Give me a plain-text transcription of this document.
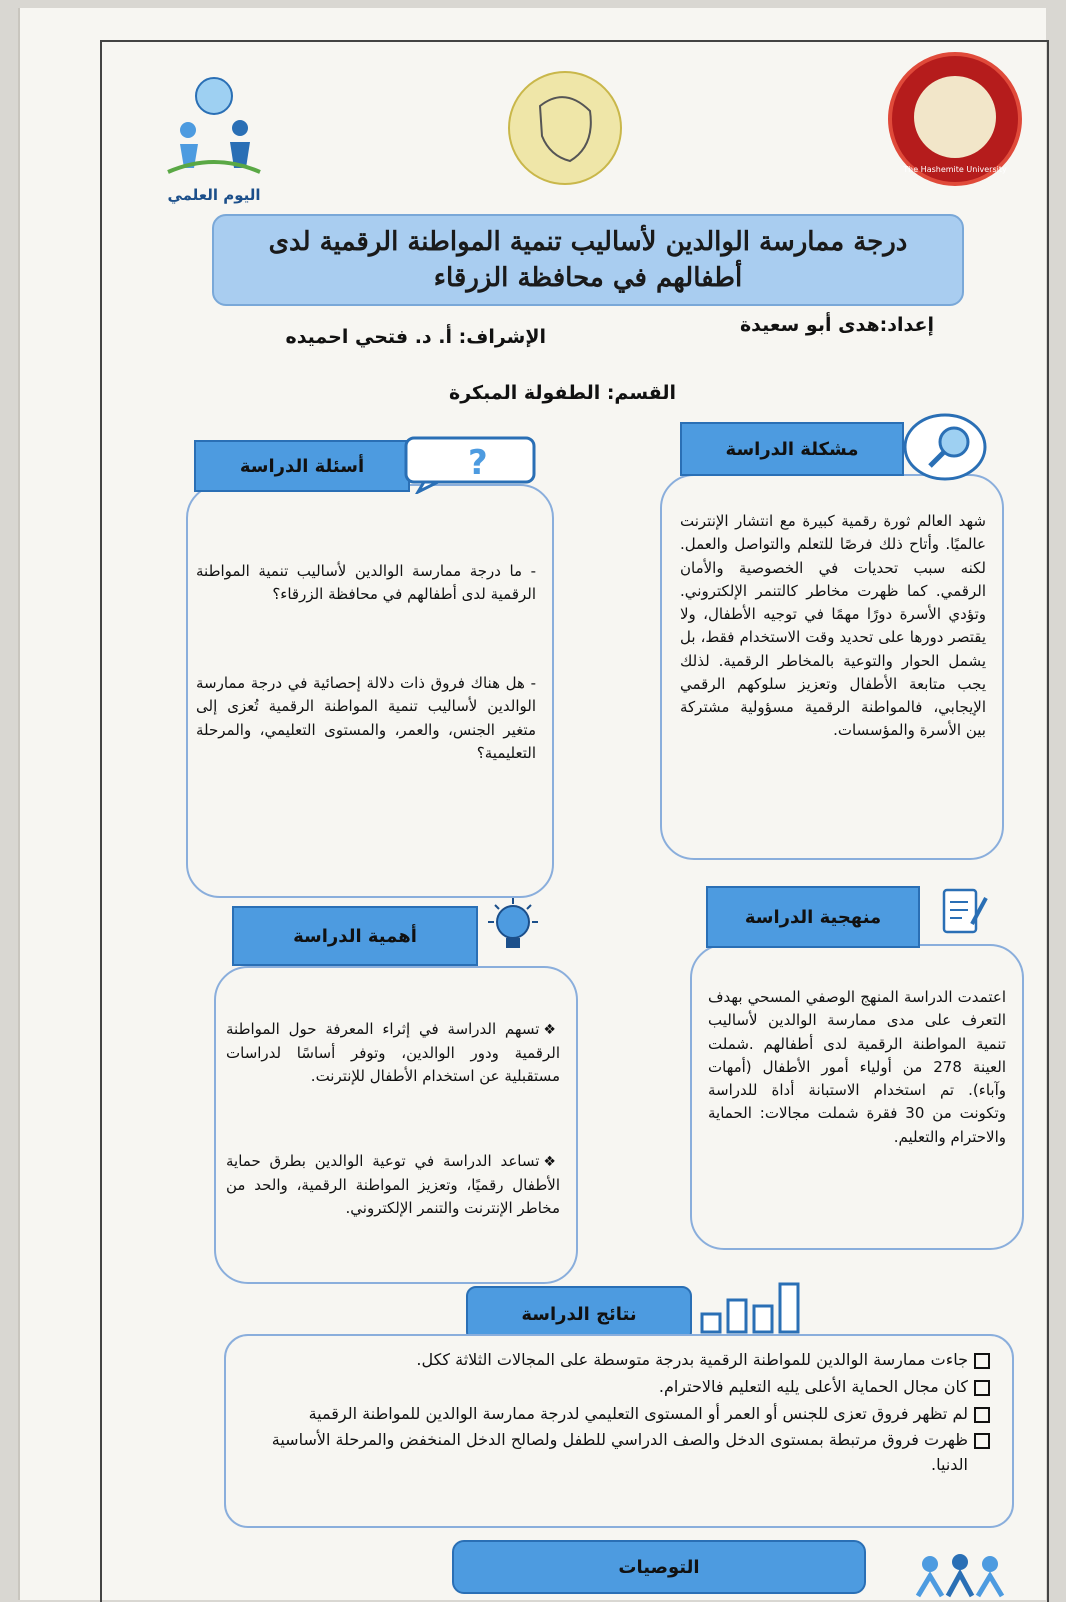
The Hashemite University
اليوم العلمي
درجة ممارسة الوالدين لأساليب تنمية المواطنة الرقمية لدى أطفالهم في محافظة الزرقاء
إعداد:هدى أبو سعيدة
الإشراف: أ. د. فتحي احميده
القسم: الطفولة المبكرة
مشكلة الدراسة
شهد العالم ثورة رقمية كبيرة مع انتشار الإنترنت عالميًا. وأتاح ذلك فرصًا للتعلم والتواصل والعمل. لكنه سبب تحديات في الخصوصية والأمان الرقمي. كما ظهرت مخاطر كالتنمر الإلكتروني. وتؤدي الأسرة دورًا مهمًا في توجيه الأطفال، ولا يقتصر دورها على تحديد وقت الاستخدام فقط، بل يشمل الحوار والتوعية بالمخاطر الرقمية. لذلك يجب متابعة الأطفال وتعزيز سلوكهم الرقمي الإيجابي، فالمواطنة الرقمية مسؤولية مشتركة بين الأسرة والمؤسسات.
أسئلة الدراسة	?
- ما درجة ممارسة الوالدين لأساليب تنمية المواطنة الرقمية لدى أطفالهم في محافظة الزرقاء؟
- هل هناك فروق ذات دلالة إحصائية في درجة ممارسة الوالدين لأساليب تنمية المواطنة الرقمية تُعزى إلى متغير الجنس، والعمر، والمستوى التعليمي، والمرحلة التعليمية؟
منهجية الدراسة
اعتمدت الدراسة المنهج الوصفي المسحي بهدف التعرف على مدى ممارسة الوالدين لأساليب تنمية المواطنة الرقمية لدى أطفالهم .شملت العينة 278 من أولياء أمور الأطفال (أمهات وآباء). تم استخدام الاستبانة أداة للدراسة وتكونت من 30 فقرة شملت مجالات: الحماية والاحترام والتعليم.
أهمية الدراسة
❖تسهم الدراسة في إثراء المعرفة حول المواطنة الرقمية ودور الوالدين، وتوفر أساسًا لدراسات مستقبلية عن استخدام الأطفال للإنترنت.
❖تساعد الدراسة في توعية الوالدين بطرق حماية الأطفال رقميًا، وتعزيز المواطنة الرقمية، والحد من مخاطر الإنترنت والتنمر الإلكتروني.
نتائج الدراسة
جاءت ممارسة الوالدين للمواطنة الرقمية بدرجة متوسطة على المجالات الثلاثة ككل.
كان مجال الحماية الأعلى يليه التعليم فالاحترام.
لم تظهر فروق تعزى للجنس أو العمر أو المستوى التعليمي لدرجة ممارسة الوالدين للمواطنة الرقمية
ظهرت فروق مرتبطة بمستوى الدخل والصف الدراسي للطفل ولصالح الدخل المنخفض والمرحلة الأساسية الدنيا.
التوصيات
